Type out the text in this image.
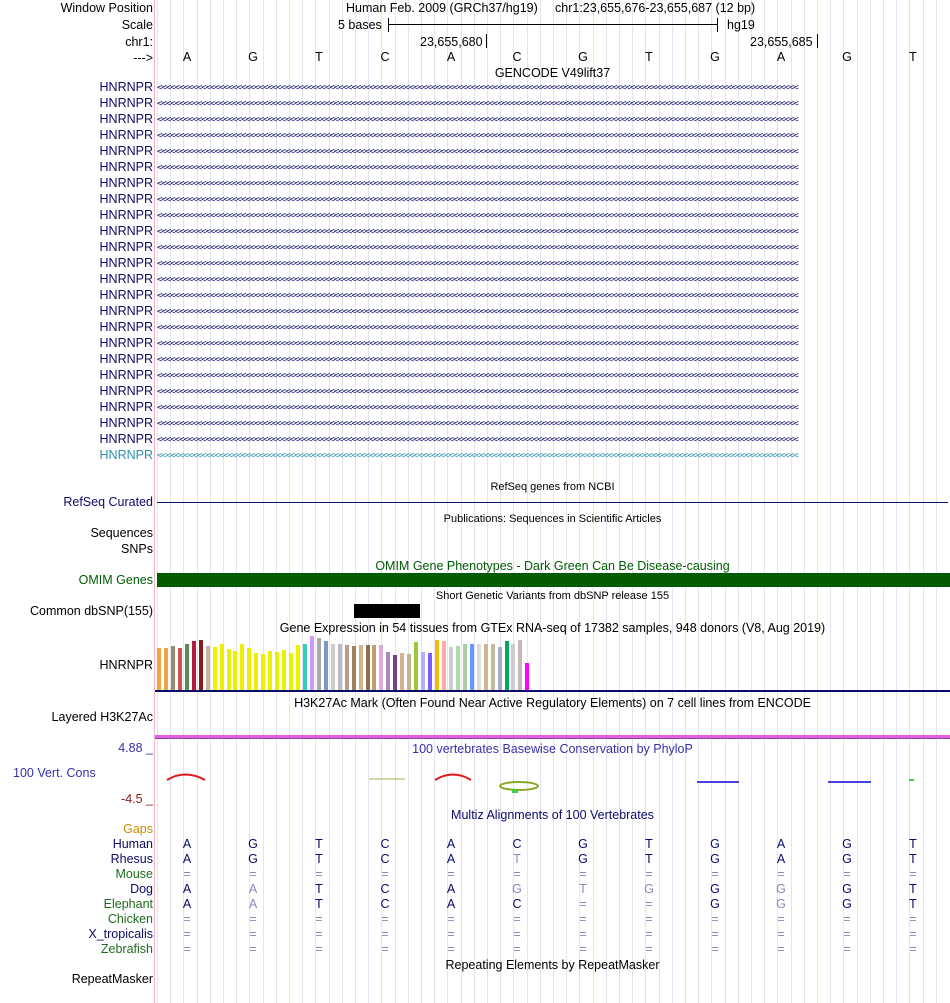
Window Position
Scale
chr1:
--->
Human Feb. 2009 (GRCh37/hg19) chr1:23,655,676-23,655,687 (12 bp)
5 bases	hg19
23,655,680	23,655,685
A	G	T	C	A	C	G	T	G	A	G	T
GENCODE V49lift37
HNRNPR <<<<<<<<<<<<<<<<<<<<<<<<<<<<<<<<<<<<<<<<<<<<<<<<<<<<<<<<<<<<<<<<<<<<<<<<<<<<<<<<<<<<<<<<<<<<<<<<<<<<<<<<<<<<<<<<<<<<<<<<<<<<<<<<<<<<<<<<<<<<<<<<<
HNRNPR <<<<<<<<<<<<<<<<<<<<<<<<<<<<<<<<<<<<<<<<<<<<<<<<<<<<<<<<<<<<<<<<<<<<<<<<<<<<<<<<<<<<<<<<<<<<<<<<<<<<<<<<<<<<<<<<<<<<<<<<<<<<<<<<<<<<<<<<<<<<<<<<<
HNRNPR <<<<<<<<<<<<<<<<<<<<<<<<<<<<<<<<<<<<<<<<<<<<<<<<<<<<<<<<<<<<<<<<<<<<<<<<<<<<<<<<<<<<<<<<<<<<<<<<<<<<<<<<<<<<<<<<<<<<<<<<<<<<<<<<<<<<<<<<<<<<<<<<<
HNRNPR <<<<<<<<<<<<<<<<<<<<<<<<<<<<<<<<<<<<<<<<<<<<<<<<<<<<<<<<<<<<<<<<<<<<<<<<<<<<<<<<<<<<<<<<<<<<<<<<<<<<<<<<<<<<<<<<<<<<<<<<<<<<<<<<<<<<<<<<<<<<<<<<<
HNRNPR <<<<<<<<<<<<<<<<<<<<<<<<<<<<<<<<<<<<<<<<<<<<<<<<<<<<<<<<<<<<<<<<<<<<<<<<<<<<<<<<<<<<<<<<<<<<<<<<<<<<<<<<<<<<<<<<<<<<<<<<<<<<<<<<<<<<<<<<<<<<<<<<<
HNRNPR <<<<<<<<<<<<<<<<<<<<<<<<<<<<<<<<<<<<<<<<<<<<<<<<<<<<<<<<<<<<<<<<<<<<<<<<<<<<<<<<<<<<<<<<<<<<<<<<<<<<<<<<<<<<<<<<<<<<<<<<<<<<<<<<<<<<<<<<<<<<<<<<<
HNRNPR <<<<<<<<<<<<<<<<<<<<<<<<<<<<<<<<<<<<<<<<<<<<<<<<<<<<<<<<<<<<<<<<<<<<<<<<<<<<<<<<<<<<<<<<<<<<<<<<<<<<<<<<<<<<<<<<<<<<<<<<<<<<<<<<<<<<<<<<<<<<<<<<<
HNRNPR <<<<<<<<<<<<<<<<<<<<<<<<<<<<<<<<<<<<<<<<<<<<<<<<<<<<<<<<<<<<<<<<<<<<<<<<<<<<<<<<<<<<<<<<<<<<<<<<<<<<<<<<<<<<<<<<<<<<<<<<<<<<<<<<<<<<<<<<<<<<<<<<<
HNRNPR <<<<<<<<<<<<<<<<<<<<<<<<<<<<<<<<<<<<<<<<<<<<<<<<<<<<<<<<<<<<<<<<<<<<<<<<<<<<<<<<<<<<<<<<<<<<<<<<<<<<<<<<<<<<<<<<<<<<<<<<<<<<<<<<<<<<<<<<<<<<<<<<<
HNRNPR <<<<<<<<<<<<<<<<<<<<<<<<<<<<<<<<<<<<<<<<<<<<<<<<<<<<<<<<<<<<<<<<<<<<<<<<<<<<<<<<<<<<<<<<<<<<<<<<<<<<<<<<<<<<<<<<<<<<<<<<<<<<<<<<<<<<<<<<<<<<<<<<<
HNRNPR <<<<<<<<<<<<<<<<<<<<<<<<<<<<<<<<<<<<<<<<<<<<<<<<<<<<<<<<<<<<<<<<<<<<<<<<<<<<<<<<<<<<<<<<<<<<<<<<<<<<<<<<<<<<<<<<<<<<<<<<<<<<<<<<<<<<<<<<<<<<<<<<<
HNRNPR <<<<<<<<<<<<<<<<<<<<<<<<<<<<<<<<<<<<<<<<<<<<<<<<<<<<<<<<<<<<<<<<<<<<<<<<<<<<<<<<<<<<<<<<<<<<<<<<<<<<<<<<<<<<<<<<<<<<<<<<<<<<<<<<<<<<<<<<<<<<<<<<<
HNRNPR <<<<<<<<<<<<<<<<<<<<<<<<<<<<<<<<<<<<<<<<<<<<<<<<<<<<<<<<<<<<<<<<<<<<<<<<<<<<<<<<<<<<<<<<<<<<<<<<<<<<<<<<<<<<<<<<<<<<<<<<<<<<<<<<<<<<<<<<<<<<<<<<<
HNRNPR <<<<<<<<<<<<<<<<<<<<<<<<<<<<<<<<<<<<<<<<<<<<<<<<<<<<<<<<<<<<<<<<<<<<<<<<<<<<<<<<<<<<<<<<<<<<<<<<<<<<<<<<<<<<<<<<<<<<<<<<<<<<<<<<<<<<<<<<<<<<<<<<<
HNRNPR <<<<<<<<<<<<<<<<<<<<<<<<<<<<<<<<<<<<<<<<<<<<<<<<<<<<<<<<<<<<<<<<<<<<<<<<<<<<<<<<<<<<<<<<<<<<<<<<<<<<<<<<<<<<<<<<<<<<<<<<<<<<<<<<<<<<<<<<<<<<<<<<<
HNRNPR <<<<<<<<<<<<<<<<<<<<<<<<<<<<<<<<<<<<<<<<<<<<<<<<<<<<<<<<<<<<<<<<<<<<<<<<<<<<<<<<<<<<<<<<<<<<<<<<<<<<<<<<<<<<<<<<<<<<<<<<<<<<<<<<<<<<<<<<<<<<<<<<<
HNRNPR <<<<<<<<<<<<<<<<<<<<<<<<<<<<<<<<<<<<<<<<<<<<<<<<<<<<<<<<<<<<<<<<<<<<<<<<<<<<<<<<<<<<<<<<<<<<<<<<<<<<<<<<<<<<<<<<<<<<<<<<<<<<<<<<<<<<<<<<<<<<<<<<<
HNRNPR <<<<<<<<<<<<<<<<<<<<<<<<<<<<<<<<<<<<<<<<<<<<<<<<<<<<<<<<<<<<<<<<<<<<<<<<<<<<<<<<<<<<<<<<<<<<<<<<<<<<<<<<<<<<<<<<<<<<<<<<<<<<<<<<<<<<<<<<<<<<<<<<<
HNRNPR <<<<<<<<<<<<<<<<<<<<<<<<<<<<<<<<<<<<<<<<<<<<<<<<<<<<<<<<<<<<<<<<<<<<<<<<<<<<<<<<<<<<<<<<<<<<<<<<<<<<<<<<<<<<<<<<<<<<<<<<<<<<<<<<<<<<<<<<<<<<<<<<<
HNRNPR <<<<<<<<<<<<<<<<<<<<<<<<<<<<<<<<<<<<<<<<<<<<<<<<<<<<<<<<<<<<<<<<<<<<<<<<<<<<<<<<<<<<<<<<<<<<<<<<<<<<<<<<<<<<<<<<<<<<<<<<<<<<<<<<<<<<<<<<<<<<<<<<<
HNRNPR <<<<<<<<<<<<<<<<<<<<<<<<<<<<<<<<<<<<<<<<<<<<<<<<<<<<<<<<<<<<<<<<<<<<<<<<<<<<<<<<<<<<<<<<<<<<<<<<<<<<<<<<<<<<<<<<<<<<<<<<<<<<<<<<<<<<<<<<<<<<<<<<<
HNRNPR <<<<<<<<<<<<<<<<<<<<<<<<<<<<<<<<<<<<<<<<<<<<<<<<<<<<<<<<<<<<<<<<<<<<<<<<<<<<<<<<<<<<<<<<<<<<<<<<<<<<<<<<<<<<<<<<<<<<<<<<<<<<<<<<<<<<<<<<<<<<<<<<<
HNRNPR <<<<<<<<<<<<<<<<<<<<<<<<<<<<<<<<<<<<<<<<<<<<<<<<<<<<<<<<<<<<<<<<<<<<<<<<<<<<<<<<<<<<<<<<<<<<<<<<<<<<<<<<<<<<<<<<<<<<<<<<<<<<<<<<<<<<<<<<<<<<<<<<<
HNRNPR <<<<<<<<<<<<<<<<<<<<<<<<<<<<<<<<<<<<<<<<<<<<<<<<<<<<<<<<<<<<<<<<<<<<<<<<<<<<<<<<<<<<<<<<<<<<<<<<<<<<<<<<<<<<<<<<<<<<<<<<<<<<<<<<<<<<<<<<<<<<<<<<<
RefSeq genes from NCBI
RefSeq Curated
Publications: Sequences in Scientific Articles
Sequences
SNPs
OMIM Gene Phenotypes - Dark Green Can Be Disease-causing
OMIM Genes
Short Genetic Variants from dbSNP release 155
Common dbSNP(155)
Gene Expression in 54 tissues from GTEx RNA-seq of 17382 samples, 948 donors (V8, Aug 2019)
HNRNPR
H3K27Ac Mark (Often Found Near Active Regulatory Elements) on 7 cell lines from ENCODE
Layered H3K27Ac
100 vertebrates Basewise Conservation by PhyloP
4.88 _
100 Vert. Cons
-4.5 _
Multiz Alignments of 100 Vertebrates
Gaps
Human	A	G	T	C	A	C	G	T	G	A	G	T
Rhesus	A	G	T	C	A	T	G	T	G	A	G	T
Mouse	=	=	=	=	=	=	=	=	=	=	=	=
Dog	A	A	T	C	A	G	T	G	G	G	G	T
Elephant	A	A	T	C	A	C	=	=	G	G	G	T
Chicken	=	=	=	=	=	=	=	=	=	=	=	=
X_tropicalis	=	=	=	=	=	=	=	=	=	=	=	=
Zebrafish	=	=	=	=	=	=	=	=	=	=	=	=
Repeating Elements by RepeatMasker
RepeatMasker
